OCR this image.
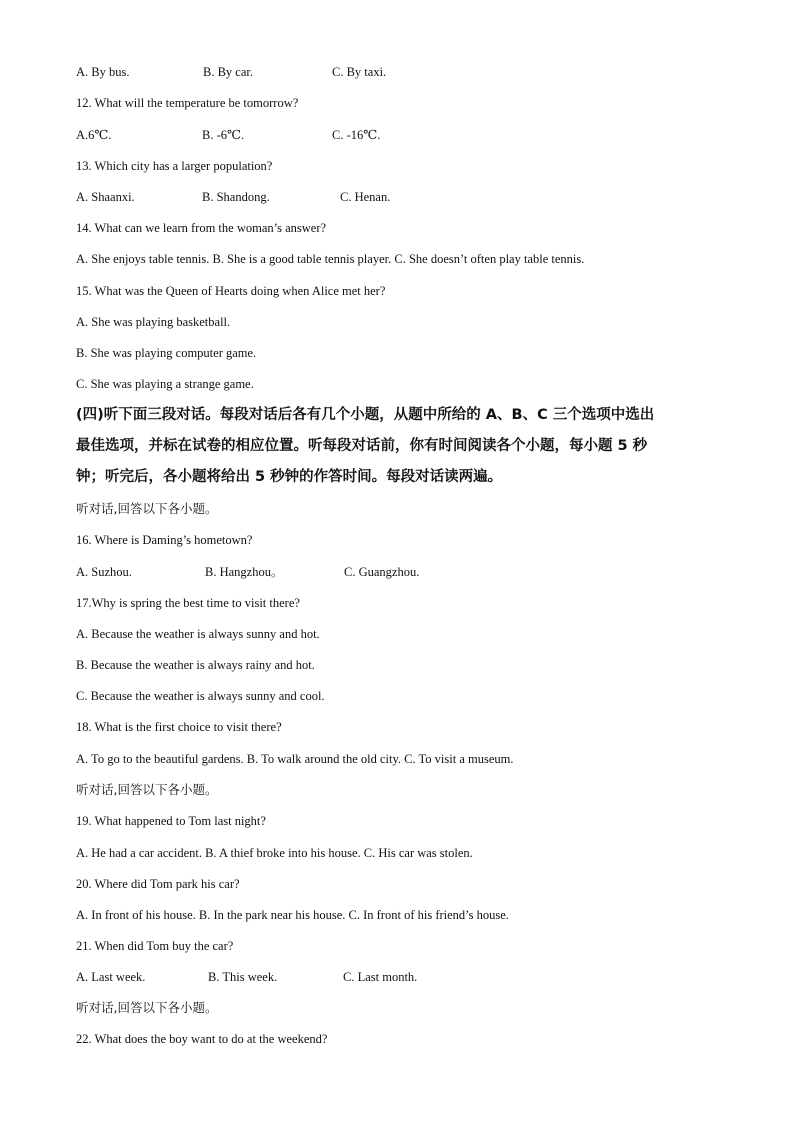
A. By bus.	B. By car.	C. By taxi.
12. What will the temperature be tomorrow?
A.6℃.	B. -6℃.	C. -16℃.
13. Which city has a larger population?
A. Shaanxi.	B. Shandong.	C. Henan.
14. What can we learn from the woman’s answer?
A. She enjoys table tennis. B. She is a good table tennis player. C. She doesn’t often play table tennis.
15. What was the Queen of Hearts doing when Alice met her?
A. She was playing basketball.
B. She was playing computer game.
C. She was playing a strange game.
(四)听下面三段对话。每段对话后各有几个小题，从题中所给的 A、B、C 三个选项中选出
最佳选项，并标在试卷的相应位置。听每段对话前，你有时间阅读各个小题，每小题 5 秒
钟；听完后，各小题将给出 5 秒钟的作答时间。每段对话读两遍。
听对话,回答以下各小题。
16. Where is Daming’s hometown?
A. Suzhou.	B. Hangzhou。	C. Guangzhou.
17.Why is spring the best time to visit there?
A. Because the weather is always sunny and hot.
B. Because the weather is always rainy and hot.
C. Because the weather is always sunny and cool.
18. What is the first choice to visit there?
A. To go to the beautiful gardens. B. To walk around the old city. C. To visit a museum.
听对话,回答以下各小题。
19. What happened to Tom last night?
A. He had a car accident. B. A thief broke into his house. C. His car was stolen.
20. Where did Tom park his car?
A. In front of his house. B. In the park near his house. C. In front of his friend’s house.
21. When did Tom buy the car?
A. Last week.	B. This week.	C. Last month.
听对话,回答以下各小题。
22. What does the boy want to do at the weekend?
